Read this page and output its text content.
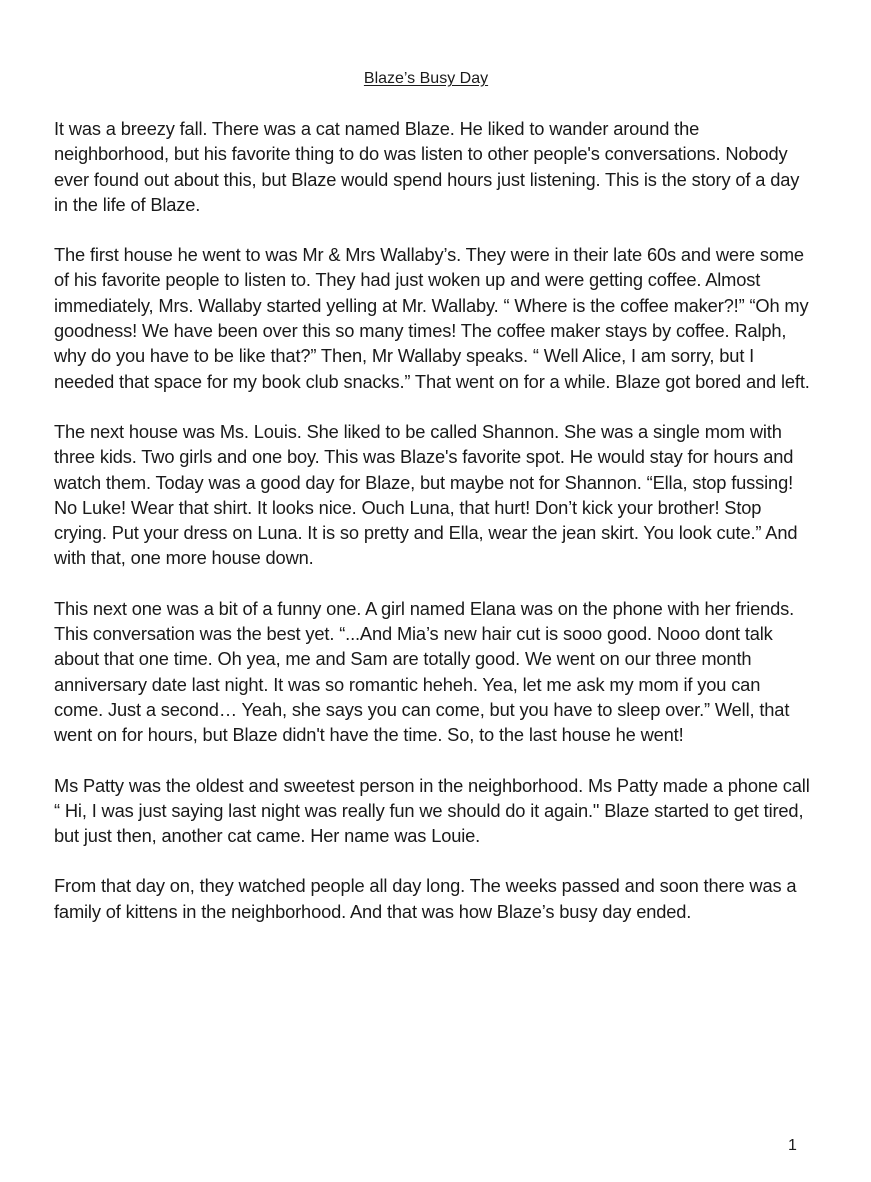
Blaze’s Busy Day

It was a breezy fall. There was a cat named Blaze. He liked to wander around the neighborhood, but his favorite thing to do was listen to other people's conversations. Nobody ever found out about this, but Blaze would spend hours just listening. This is the story of a day in the life of Blaze.

The first house he went to was Mr & Mrs Wallaby’s. They were in their late 60s and were some of his favorite people to listen to. They had just woken up and were getting coffee. Almost immediately, Mrs. Wallaby started yelling at Mr. Wallaby. “ Where is the coffee maker?!” “Oh my goodness! We have been over this so many times! The coffee maker stays by coffee. Ralph, why do you have to be like that?” Then, Mr Wallaby speaks. “ Well Alice, I am sorry, but I needed that space for my book club snacks.” That went on for a while. Blaze got bored and left.

The next house was Ms. Louis. She liked to be called Shannon. She was a single mom with three kids. Two girls and one boy. This was Blaze's favorite spot. He would stay for hours and watch them. Today was a good day for Blaze, but maybe not for Shannon. “Ella, stop fussing! No Luke! Wear that shirt. It looks nice. Ouch Luna, that hurt! Don’t kick your brother! Stop crying. Put your dress on Luna. It is so pretty and Ella, wear the jean skirt. You look cute.” And with that, one more house down.

This next one was a bit of a funny one. A girl named Elana was on the phone with her friends. This conversation was the best yet. “...And Mia’s new hair cut is sooo good. Nooo dont talk about that one time. Oh yea, me and Sam are totally good. We went on our three month anniversary date last night. It was so romantic heheh. Yea, let me ask my mom if you can come. Just a second… Yeah, she says you can come, but you have to sleep over.” Well, that went on for hours, but Blaze didn't have the time. So, to the last house he went!

Ms Patty was the oldest and sweetest person in the neighborhood. Ms Patty made a phone call “ Hi, I was just saying last night was really fun we should do it again." Blaze started to get tired, but just then, another cat came. Her name was Louie.

From that day on, they watched people all day long. The weeks passed and soon there was a family of kittens in the neighborhood. And that was how Blaze’s busy day ended.

1
